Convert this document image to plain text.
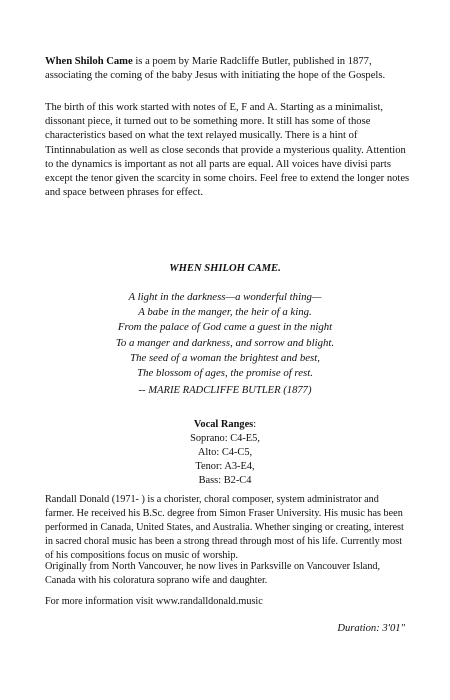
When Shiloh Came is a poem by Marie Radcliffe Butler, published in 1877, associating the coming of the baby Jesus with initiating the hope of the Gospels.

The birth of this work started with notes of E, F and A. Starting as a minimalist, dissonant piece, it turned out to be something more. It still has some of those characteristics based on what the text relayed musically. There is a hint of Tintinnabulation as well as close seconds that provide a mysterious quality. Attention to the dynamics is important as not all parts are equal. All voices have divisi parts except the tenor given the scarcity in some choirs. Feel free to extend the longer notes and space between phrases for effect.

WHEN SHILOH CAME.

A light in the darkness—a wonderful thing—
A babe in the manger, the heir of a king.
From the palace of God came a guest in the night
To a manger and darkness, and sorrow and blight.
The seed of a woman the brightest and best,
The blossom of ages, the promise of rest.

-- MARIE RADCLIFFE BUTLER (1877)

Vocal Ranges:
Soprano: C4-E5,
Alto: C4-C5,
Tenor: A3-E4,
Bass: B2-C4

Randall Donald (1971- ) is a chorister, choral composer, system administrator and farmer. He received his B.Sc. degree from Simon Fraser University. His music has been performed in Canada, United States, and Australia. Whether singing or creating, interest in sacred choral music has been a strong thread through most of his life. Currently most of his compositions focus on music of worship.

Originally from North Vancouver, he now lives in Parksville on Vancouver Island, Canada with his coloratura soprano wife and daughter.

For more information visit www.randalldonald.music

Duration: 3'01"
